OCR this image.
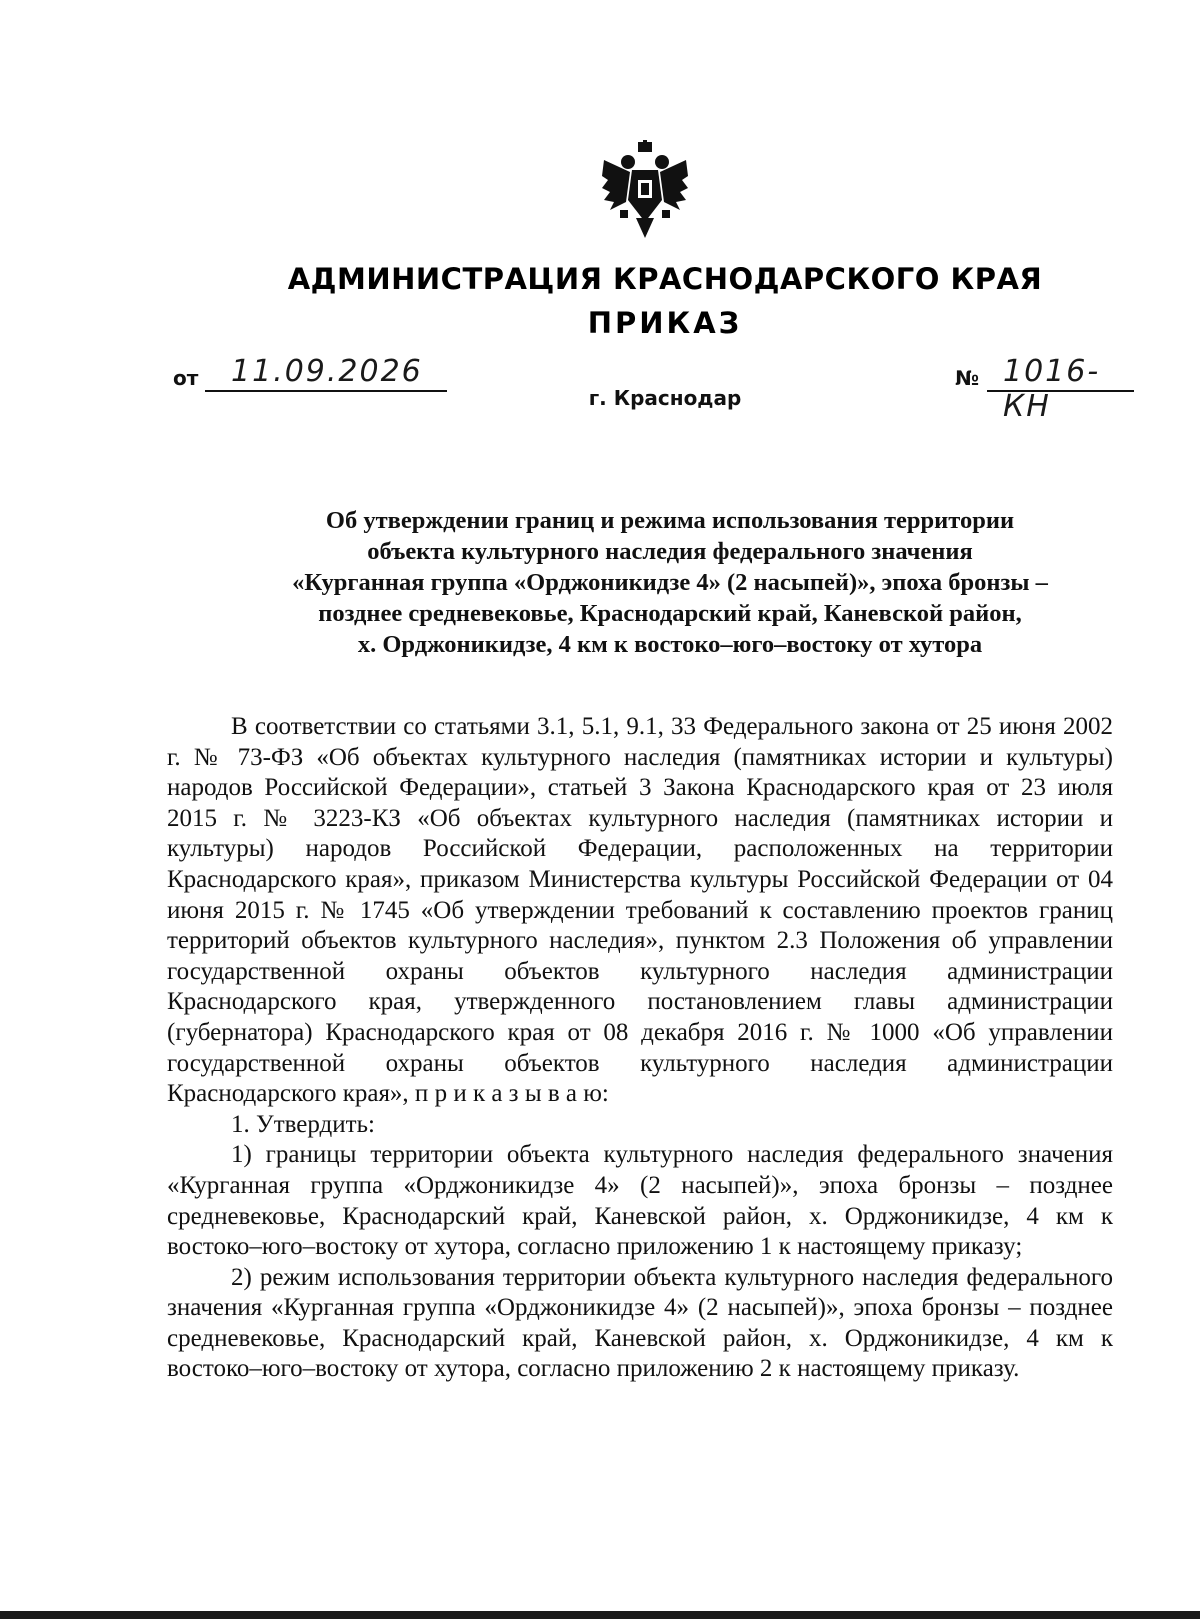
АДМИНИСТРАЦИЯ КРАСНОДАРСКОГО КРАЯ
ПРИКАЗ
от 11.09.2026
г. Краснодар
№ 1016-КН
Об утверждении границ и режима использования территории
объекта культурного наследия федерального значения
«Курганная группа «Орджоникидзе 4» (2 насыпей)», эпоха бронзы –
позднее средневековье, Краснодарский край, Каневской район,
х. Орджоникидзе, 4 км к востоко–юго–востоку от хутора

В соответствии со статьями 3.1, 5.1, 9.1, 33 Федерального закона от 25 июня 2002 г. № 73-ФЗ «Об объектах культурного наследия (памятниках истории и культуры) народов Российской Федерации», статьей 3 Закона Краснодарского края от 23 июля 2015 г. № 3223-КЗ «Об объектах культурного наследия (памятниках истории и культуры) народов Российской Федерации, расположенных на территории Краснодарского края», приказом Министерства культуры Российской Федерации от 04 июня 2015 г. № 1745 «Об утверждении требований к составлению проектов границ территорий объектов культурного наследия», пунктом 2.3 Положения об управлении государственной охраны объектов культурного наследия администрации Краснодарского края, утвержденного постановлением главы администрации (губернатора) Краснодарского края от 08 декабря 2016 г. № 1000 «Об управлении государственной охраны объектов культурного наследия администрации Краснодарского края», п р и к а з ы в а ю:

1. Утвердить:

1) границы территории объекта культурного наследия федерального значения «Курганная группа «Орджоникидзе 4» (2 насыпей)», эпоха бронзы – позднее средневековье, Краснодарский край, Каневской район, х. Орджоникидзе, 4 км к востоко–юго–востоку от хутора, согласно приложению 1 к настоящему приказу;

2) режим использования территории объекта культурного наследия федерального значения «Курганная группа «Орджоникидзе 4» (2 насыпей)», эпоха бронзы – позднее средневековье, Краснодарский край, Каневской район, х. Орджоникидзе, 4 км к востоко–юго–востоку от хутора, согласно приложению 2 к настоящему приказу.
